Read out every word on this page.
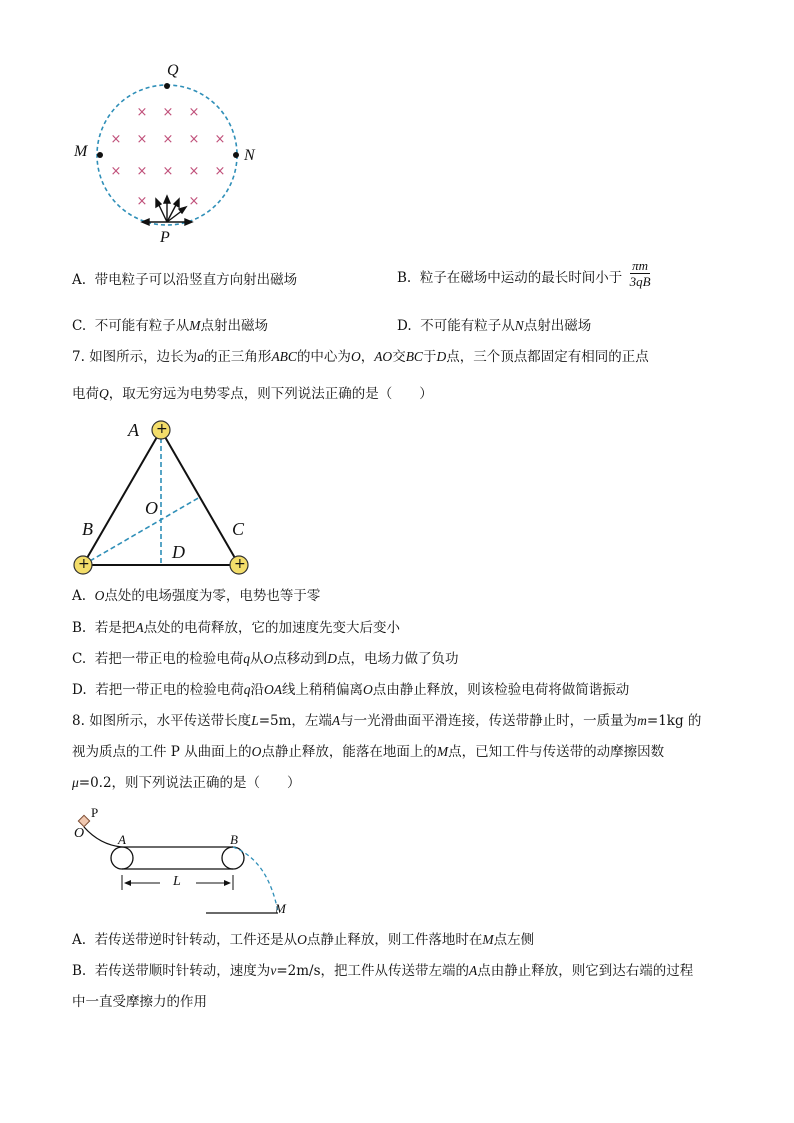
× × ×
× × × × ×
× × × × ×
×	×
Q
M	N
P
A. 带电粒子可以沿竖直方向射出磁场	B. 粒子在磁场中运动的最长时间小于 $\frac{\pi m}{3qB}$
C. 不可能有粒子从M点射出磁场	D. 不可能有粒子从N点射出磁场
7. 如图所示，边长为a的正三角形ABC的中心为O，AO交BC于D点，三个顶点都固定有相同的正点
电荷Q，取无穷远为电势零点，则下列说法正确的是（　　）
+
+	+
A
B	C
O
D
A. O点处的电场强度为零，电势也等于零
B. 若是把A点处的电荷释放，它的加速度先变大后变小
C. 若把一带正电的检验电荷q从O点移动到D点，电场力做了负功
D. 若把一带正电的检验电荷q沿OA线上稍稍偏离O点由静止释放，则该检验电荷将做简谐振动
8. 如图所示，水平传送带长度L=5m，左端A与一光滑曲面平滑连接，传送带静止时，一质量为m=1kg 的
视为质点的工件 P 从曲面上的O点静止释放，能落在地面上的M点，已知工件与传送带的动摩擦因数
μ=0.2，则下列说法正确的是（　　）
P
O	A	B
L
M
A. 若传送带逆时针转动，工件还是从O点静止释放，则工件落地时在M点左侧
B. 若传送带顺时针转动，速度为v=2m/s，把工件从传送带左端的A点由静止释放，则它到达右端的过程
中一直受摩擦力的作用
